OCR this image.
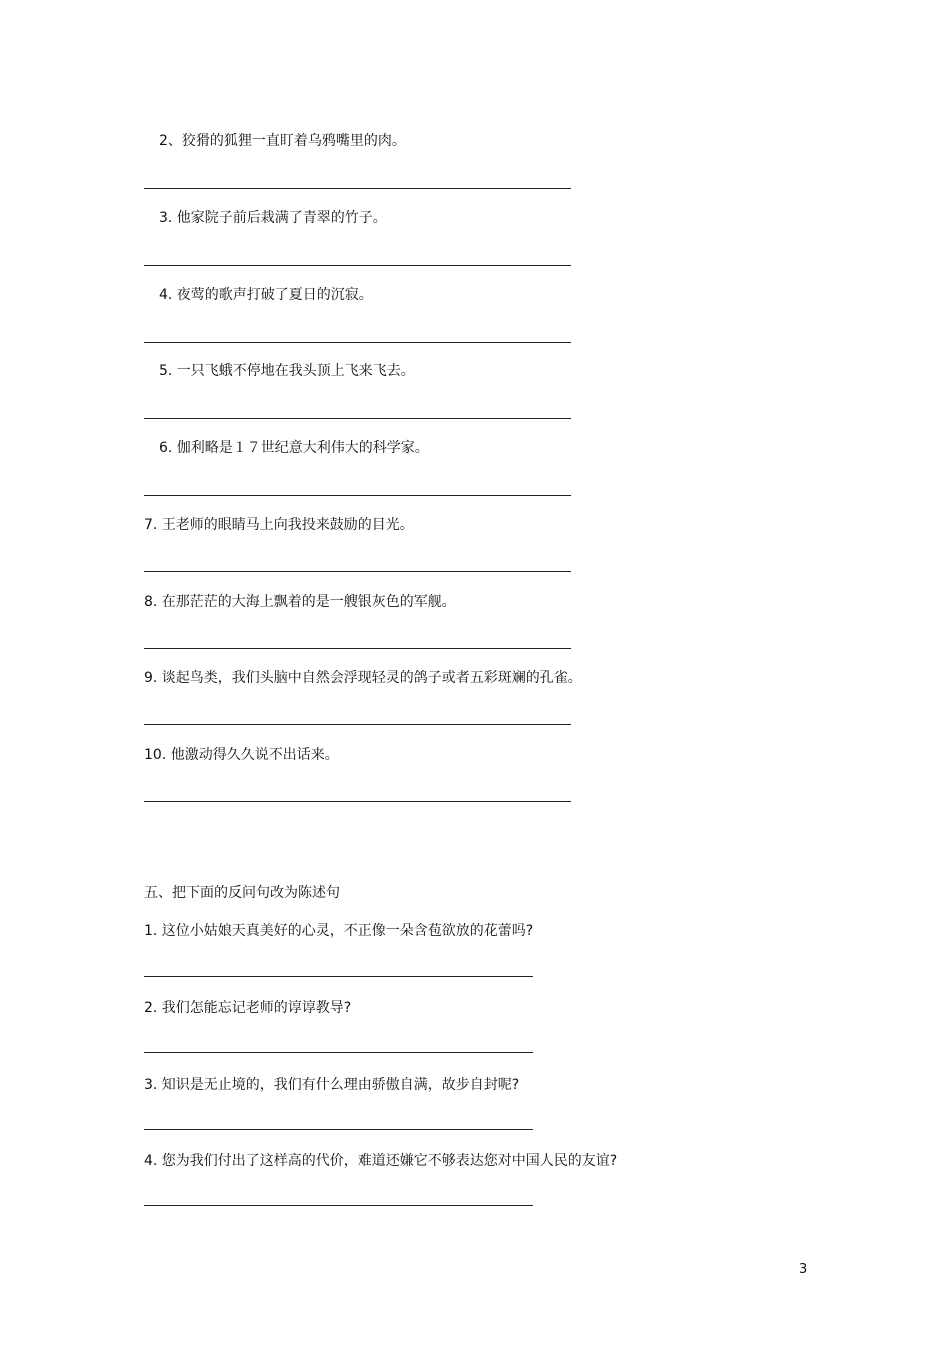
2、狡猾的狐狸一直盯着乌鸦嘴里的肉。
3. 他家院子前后栽满了青翠的竹子。
4. 夜莺的歌声打破了夏日的沉寂。
5. 一只飞蛾不停地在我头顶上飞来飞去。
6. 伽利略是１７世纪意大利伟大的科学家。
7. 王老师的眼睛马上向我投来鼓励的目光。
8. 在那茫茫的大海上飘着的是一艘银灰色的军舰。
9. 谈起鸟类，我们头脑中自然会浮现轻灵的鸽子或者五彩斑斓的孔雀。
10. 他激动得久久说不出话来。
五、把下面的反问句改为陈述句
1. 这位小姑娘天真美好的心灵，不正像一朵含苞欲放的花蕾吗?
2. 我们怎能忘记老师的谆谆教导?
3. 知识是无止境的，我们有什么理由骄傲自满，故步自封呢?
4. 您为我们付出了这样高的代价，难道还嫌它不够表达您对中国人民的友谊?
3
